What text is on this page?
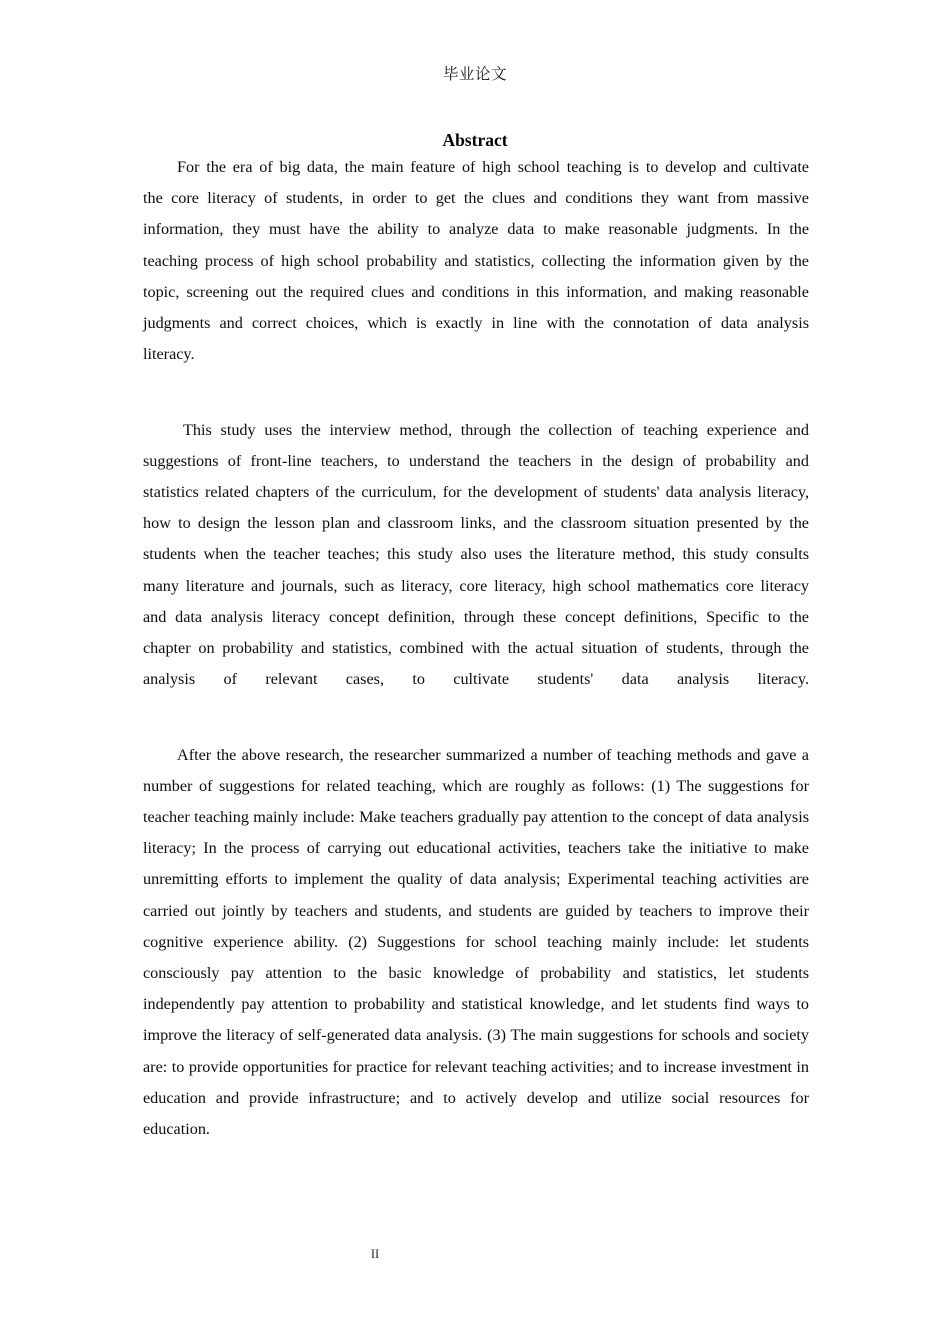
毕业论文
Abstract

For the era of big data, the main feature of high school teaching is to develop and cultivate the core literacy of students, in order to get the clues and conditions they want from massive information, they must have the ability to analyze data to make reasonable judgments. In the teaching process of high school probability and statistics, collecting the information given by the topic, screening out the required clues and conditions in this information, and making reasonable judgments and correct choices, which is exactly in line with the connotation of data analysis literacy.

This study uses the interview method, through the collection of teaching experience and suggestions of front-line teachers, to understand the teachers in the design of probability and statistics related chapters of the curriculum, for the development of students' data analysis literacy, how to design the lesson plan and classroom links, and the classroom situation presented by the students when the teacher teaches; this study also uses the literature method, this study consults many literature and journals, such as literacy, core literacy, high school mathematics core literacy and data analysis literacy concept definition, through these concept definitions, Specific to the chapter on probability and statistics, combined with the actual situation of students, through the analysis of relevant cases, to cultivate students' data analysis literacy.

After the above research, the researcher summarized a number of teaching methods and gave a number of suggestions for related teaching, which are roughly as follows: (1) The suggestions for teacher teaching mainly include: Make teachers gradually pay attention to the concept of data analysis literacy; In the process of carrying out educational activities, teachers take the initiative to make unremitting efforts to implement the quality of data analysis; Experimental teaching activities are carried out jointly by teachers and students, and students are guided by teachers to improve their cognitive experience ability. (2) Suggestions for school teaching mainly include: let students consciously pay attention to the basic knowledge of probability and statistics, let students independently pay attention to probability and statistical knowledge, and let students find ways to improve the literacy of self-generated data analysis. (3) The main suggestions for schools and society are: to provide opportunities for practice for relevant teaching activities; and to increase investment in education and provide infrastructure; and to actively develop and utilize social resources for education.

II
